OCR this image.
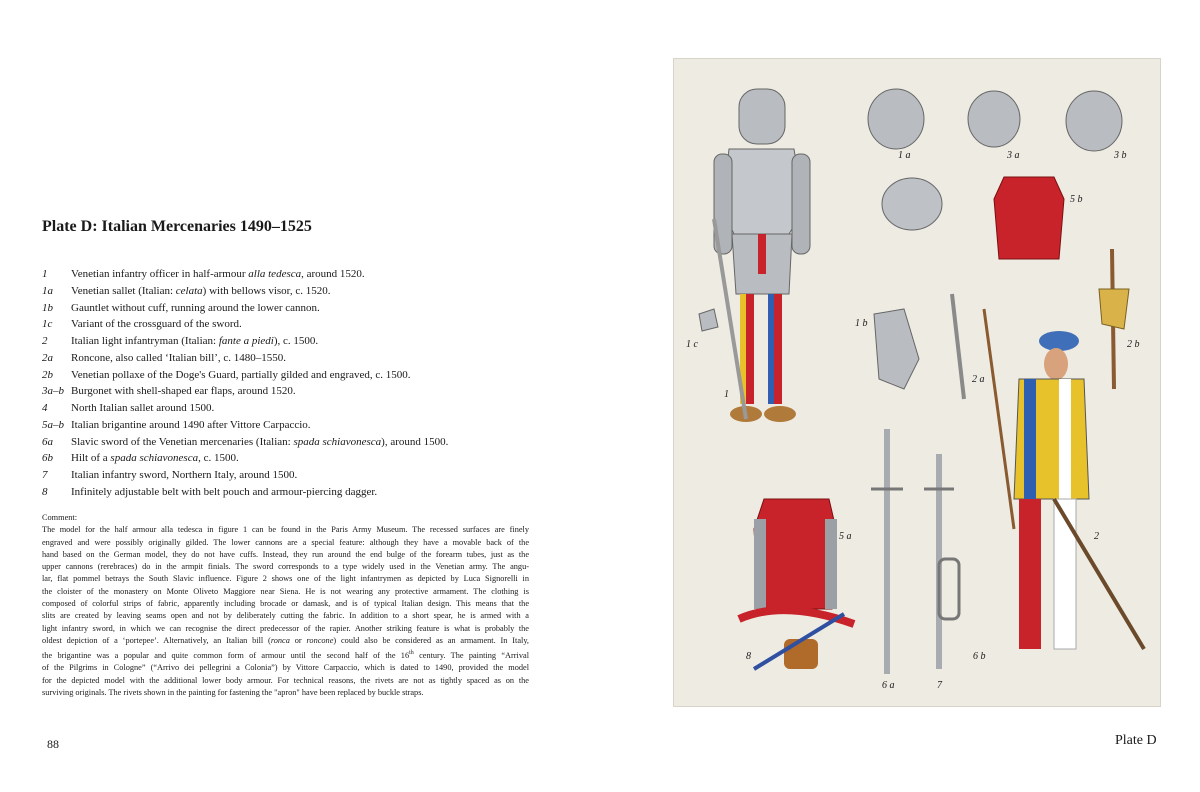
Plate D: Italian Mercenaries 1490–1525
1	Venetian infantry officer in half-armour alla tedesca, around 1520.
1a	Venetian sallet (Italian: celata) with bellows visor, c. 1520.
1b	Gauntlet without cuff, running around the lower cannon.
1c	Variant of the crossguard of the sword.
2	Italian light infantryman (Italian: fante a piedi), c. 1500.
2a	Roncone, also called ‘Italian bill’, c. 1480–1550.
2b	Venetian pollaxe of the Doge's Guard, partially gilded and engraved, c. 1500.
3a–b Burgonet with shell-shaped ear flaps, around 1520.
4	North Italian sallet around 1500.
5a–b Italian brigantine around 1490 after Vittore Carpaccio.
6a	Slavic sword of the Venetian mercenaries (Italian: spada schiavonesca), around 1500.
6b	Hilt of a spada schiavonesca, c. 1500.
7	Italian infantry sword, Northern Italy, around 1500.
8	Infinitely adjustable belt with belt pouch and armour-piercing dagger.
Comment:
The model for the half armour alla tedesca in figure 1 can be found in the Paris Army Museum. The recessed surfaces are finely
engraved and were possibly originally gilded. The lower cannons are a special feature: although they have a movable back of the
hand based on the German model, they do not have cuffs. Instead, they run around the end bulge of the forearm tubes, just as the
upper cannons (rerebraces) do in the armpit finials. The sword corresponds to a type widely used in the Venetian army. The angu-
lar, flat pommel betrays the South Slavic influence. Figure 2 shows one of the light infantrymen as depicted by Luca Signorelli in
the cloister of the monastery on Monte Oliveto Maggiore near Siena. He is not wearing any protective armament. The clothing is
composed of colorful strips of fabric, apparently including brocade or damask, and is of typical Italian design. This means that the
slits are created by leaving seams open and not by deliberately cutting the fabric. In addition to a short spear, he is armed with a
light infantry sword, in which we can recognise the direct predecessor of the rapier. Another striking feature is what is probably the
oldest depiction of a ‘portepee’. Alternatively, an Italian bill (ronca or roncone) could also be considered as an armament. In Italy,
the brigantine was a popular and quite common form of armour until the second half of the 16th century. The painting “Arrival
of the Pilgrims in Cologne” (“Arrivo dei pellegrini a Colonia”) by Vittore Carpaccio, which is dated to 1490, provided the model
for the depicted model with the additional lower body armour. For technical reasons, the rivets are not as tightly spaced as on the
surviving originals. The rivets shown in the painting for fastening the "apron" have been replaced by buckle straps.
88
1 a	3 a	3 b
5 b
1 b
1 c	2 b
2 a
1
5 a	2
8	6 b
6 a	7
Plate D
